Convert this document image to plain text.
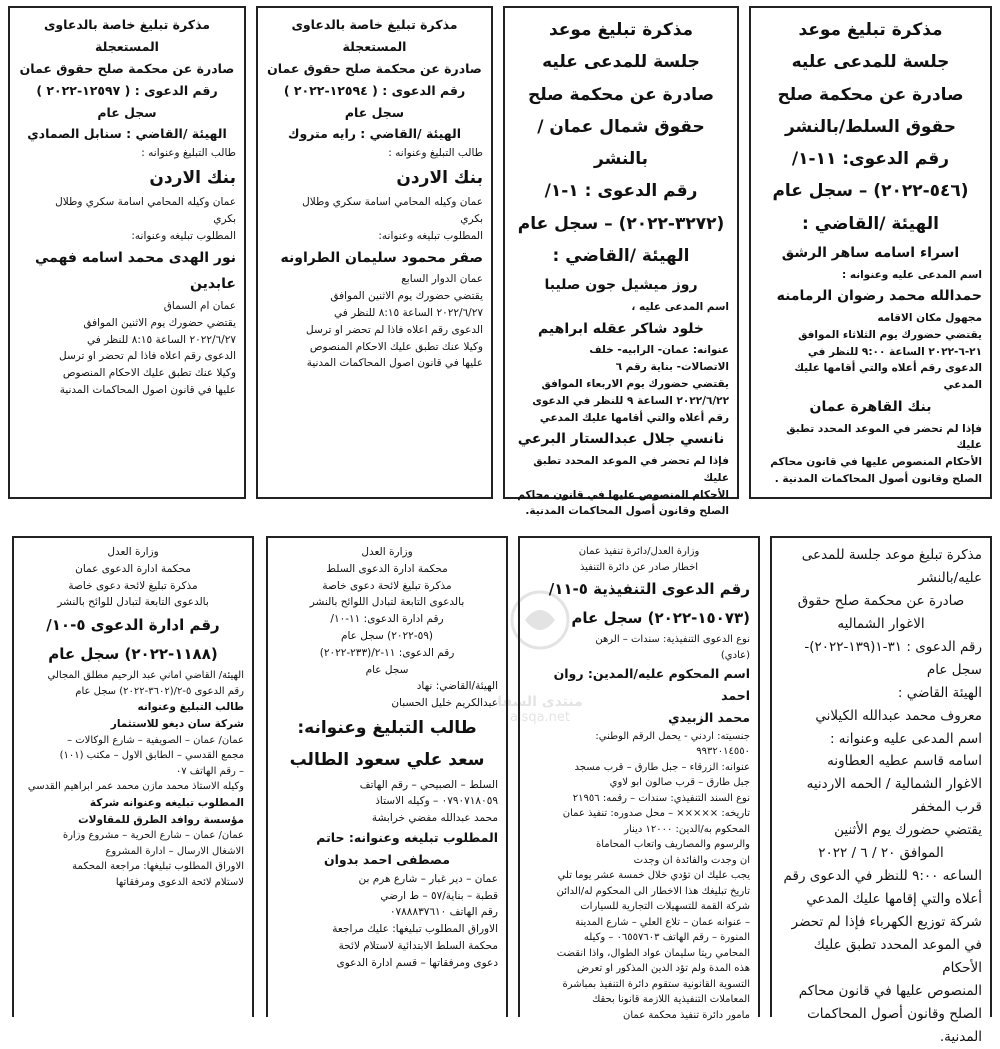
مذكرة تبليغ موعد
جلسة للمدعى عليه
صادرة عن محكمة صلح
حقوق السلط/بالنشر
رقم الدعوى: ١١-١/
(٥٤٦-٢٠٢٢) – سجل عام
الهيئة /القاضي :
اسراء اسامه ساهر الرشق
اسم المدعى عليه وعنوانه :
حمدالله محمد رضوان الرمامنه
مجهول مكان الاقامه
يقتضي حضورك يوم الثلاثاء الموافق
٢١-٦-٢٠٢٢ الساعة ٩:٠٠ للنظر في
الدعوى رقم أعلاه والتي أقامها عليك
المدعي
بنك القاهرة عمان
فإذا لم تحضر في الموعد المحدد تطبق عليك
الأحكام المنصوص عليها في قانون محاكم
الصلح وقانون أصول المحاكمات المدنية .
مذكرة تبليغ موعد
جلسة للمدعى عليه
صادرة عن محكمة صلح
حقوق شمال عمان /بالنشر
رقم الدعوى : ١-١/
(٣٢٧٢-٢٠٢٢) – سجل عام
الهيئة /القاضي :
روز ميشيل جون صليبا
اسم المدعى عليه ،
خلود شاكر عقله ابراهيم
عنوانه: عمان- الرابيه- خلف
الاتصالات- بناية رقم ٦
يقتضي حضورك يوم الاربعاء الموافق
٢٠٢٢/٦/٢٢ الساعة ٩ للنظر في الدعوى
رقم أعلاه والتي أقامها عليك المدعي
نانسي جلال عبدالستار البرعي
فإذا لم تحضر في الموعد المحدد تطبق عليك
الأحكام المنصوص عليها في قانون محاكم
الصلح وقانون أصول المحاكمات المدنية.
مذكرة تبليغ خاصة بالدعاوى المستعجلة
صادرة عن محكمة صلح حقوق عمان
رقم الدعوى : ( ١٢٥٩٤-٢٠٢٢ )
سجل عام
الهيئة /القاضي : رايه متروك
طالب التبليغ وعنوانه :
بنك الاردن
عمان وكيله المحامي اسامة سكري وطلال
بكري
المطلوب تبليغه وعنوانه:
صقر محمود سليمان الطراونه
عمان الدوار السابع
يقتضي حضورك يوم الاثنين الموافق
٢٠٢٢/٦/٢٧ الساعة ٨:١٥ للنظر في
الدعوى رقم اعلاه فاذا لم تحضر او ترسل
وكيلا عنك تطبق عليك الاحكام المنصوص
عليها في قانون اصول المحاكمات المدنية
مذكرة تبليغ خاصة بالدعاوى المستعجلة
صادرة عن محكمة صلح حقوق عمان
رقم الدعوى : ( ١٢٥٩٧-٢٠٢٢ )
سجل عام
الهيئة /القاضي : سنابل الصمادي
طالب التبليغ وعنوانه :
بنك الاردن
عمان وكيله المحامي اسامة سكري وطلال
بكري
المطلوب تبليغه وعنوانه:
نور الهدى محمد اسامه فهمي عابدين
عمان ام السماق
يقتضي حضورك يوم الاثنين الموافق
٢٠٢٢/٦/٢٧ الساعة ٨:١٥ للنظر في
الدعوى رقم اعلاه فاذا لم تحضر او ترسل
وكيلا عنك تطبق عليك الاحكام المنصوص
عليها في قانون اصول المحاكمات المدنية
مذكرة تبليغ موعد جلسة للمدعى
عليه/بالنشر
صادرة عن محكمة صلح حقوق
الاغوار الشماليه
رقم الدعوى : ٣١-١(١٣٩-٢٠٢٢)-
سجل عام
الهيئة القاضي :
معروف محمد عبدالله الكيلاني
اسم المدعى عليه وعنوانه :
اسامه قاسم عطيه العطاونه
الاغوار الشمالية / الحمه الاردنيه
قرب المخفر
يقتضي حضورك يوم الأثنين
الموافق ٢٠ / ٦ / ٢٠٢٢
الساعه ٩:٠٠ للنظر في الدعوى رقم
أعلاه والتي إقامها عليك المدعي
شركة توزيع الكهرباء فإذا لم تحضر
في الموعد المحدد تطبق عليك الأحكام
المنصوص عليها في قانون محاكم
الصلح وقانون أصول المحاكمات
المدنية.
وزارة العدل/دائرة تنفيذ عمان
اخطار صادر عن دائرة التنفيذ
رقم الدعوى التنفيذية ٥-١١/
(١٥٠٧٣-٢٠٢٢) سجل عام
نوع الدعوى التنفيذية: سندات – الرهن
(عادي)
اسم المحكوم عليه/المدين: روان احمد
محمد الزبيدي
جنسيته: اردني - يحمل الرقم الوطني:
٩٩٣٢٠١٤٥٥٠
عنوانه: الزرقاء – جبل طارق – قرب مسجد
جبل طارق – قرب صالون ابو لاوي
نوع السند التنفيذي: سندات – رقمه: ٢١٩٥٦
تاريخه: ××××× – محل صدوره: تنفيذ عمان
المحكوم به/الدين: ١٢٠٠٠ دينار
والرسوم والمصاريف واتعاب المحاماة
ان وجدت والفائدة ان وجدت
يجب عليك ان تؤدي خلال خمسة عشر يوما تلي
تاريخ تبليغك هذا الاخطار الى المحكوم له/الدائن
شركة القمة للتسهيلات التجارية للسيارات
– عنوانه عمان – تلاع العلي – شارع المدينة
المنورة – رقم الهاتف ٠٦٥٥٧٦٠٣ – وكيله
المحامي ريتا سليمان عواد الطوال، واذا انقضت
هذه المدة ولم تؤد الدين المذكور او تعرض
التسوية القانونية ستقوم دائرة التنفيذ بمباشرة
المعاملات التنفيذية اللازمة قانونا بحقك
مامور دائرة تنفيذ محكمة عمان
وزارة العدل
محكمة ادارة الدعوى السلط
مذكرة تبليغ لائحة دعوى خاصة
بالدعوى التابعة لتبادل اللوائح بالنشر
رقم ادارة الدعوى: ١١-١٠/
(٥٩-٢٠٢٢) سجل عام
رقم الدعوى: ١١-٢/(٢٣٣-٢٠٢٢)
سجل عام
الهيئة/القاضي: نهاد
عبدالكريم خليل الحسبان
طالب التبليغ وعنوانه:
سعد علي سعود الطالب
السلط – الصبيحي – رقم الهاتف
٠٧٩٠٧١٨٠٥٩ – وكيله الاستاذ
محمد عبدالله مفضي خرابشة
المطلوب تبليغه وعنوانه: حاتم
مصطفى احمد بدوان
عمان – دير غبار – شارع هرم بن
قطبة – بناية/٥٧ – ط ارضي
رقم الهاتف ٠٧٨٨٨٣٧٦١٠
الاوراق المطلوب تبليغها: عليك مراجعة
محكمة السلط الابتدائية لاستلام لائحة
دعوى ومرفقاتها – قسم ادارة الدعوى
وزارة العدل
محكمة ادارة الدعوى عمان
مذكرة تبليغ لائحة دعوى خاصة
بالدعوى التابعة لتبادل للوائح بالنشر
رقم ادارة الدعوى ٥-١٠/
(١١٨٨-٢٠٢٢) سجل عام
الهيئة/ القاضي اماني عبد الرحيم مطلق المجالي
رقم الدعوى ٥-٢/(٣٦٠٢-٢٠٢٢) سجل عام
طالب التبليغ وعنوانه
شركة سان ديغو للاستثمار
عمان/ عمان – الصويفية – شارع الوكالات –
مجمع القدسي – الطابق الاول – مكتب (١٠١)
– رقم الهاتف ٠٧
وكيله الاستاذ محمد مازن محمد عمر ابراهيم القدسي
المطلوب تبليغه وعنوانه شركة
مؤسسة روافد الطرق للمقاولات
عمان/ عمان – شارع الحرية – مشروع وزارة
الاشغال الارسال – ادارة المشروع
الاوراق المطلوب تبليغها: مراجعة المحكمة
لاستلام لائحة الدعوى ومرفقاتها
